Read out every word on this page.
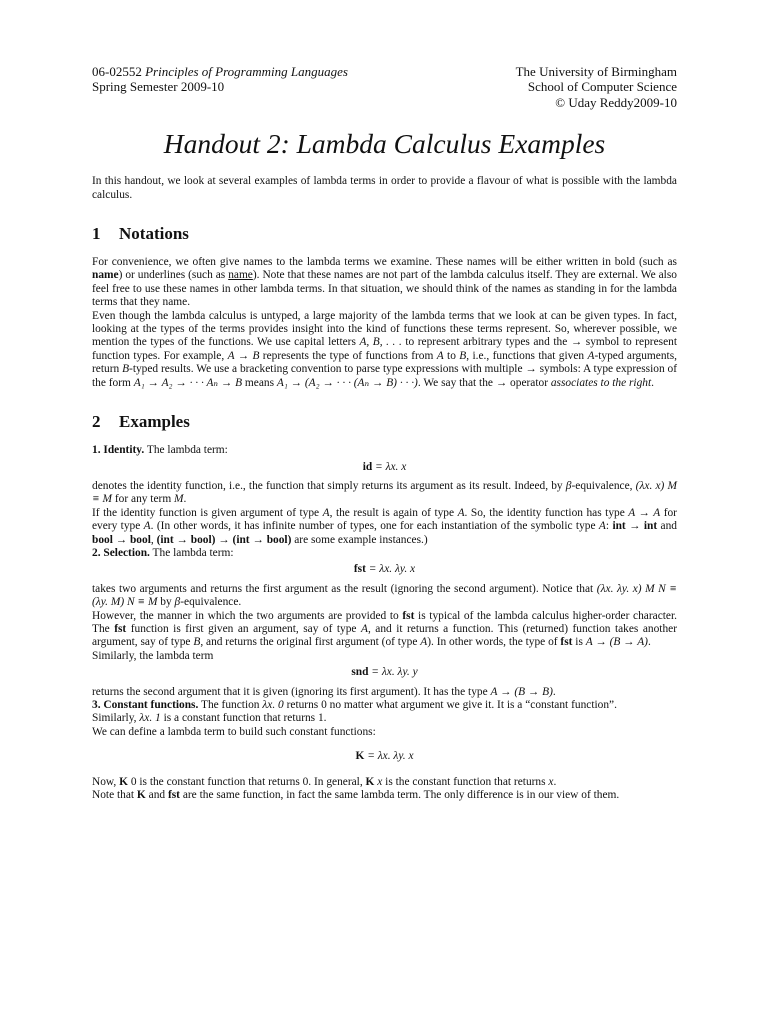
06-02552 Principles of Programming Languages
Spring Semester 2009-10
The University of Birmingham
School of Computer Science
© Uday Reddy2009-10
Handout 2: Lambda Calculus Examples

In this handout, we look at several examples of lambda terms in order to provide a flavour of what is possible with the lambda calculus.

1 Notations

For convenience, we often give names to the lambda terms we examine. These names will be either written in bold (such as name) or underlines (such as name). Note that these names are not part of the lambda calculus itself. They are external. We also feel free to use these names in other lambda terms. In that situation, we should think of the names as standing in for the lambda terms that they name.

Even though the lambda calculus is untyped, a large majority of the lambda terms that we look at can be given types. In fact, looking at the types of the terms provides insight into the kind of functions these terms represent. So, wherever possible, we mention the types of the functions. We use capital letters A, B, . . . to represent arbitrary types and the → symbol to represent function types. For example, A → B represents the type of functions from A to B, i.e., functions that given A-typed arguments, return B-typed results. We use a bracketing convention to parse type expressions with multiple → symbols: A type expression of the form A₁ → A₂ → · · · Aₙ → B means A₁ → (A₂ → · · · (Aₙ → B) · · ·). We say that the → operator associates to the right.

2 Examples

1. Identity. The lambda term:

id = λx. x

denotes the identity function, i.e., the function that simply returns its argument as its result. Indeed, by β-equivalence, (λx. x) M ≡ M for any term M.

If the identity function is given argument of type A, the result is again of type A. So, the identity function has type A → A for every type A. (In other words, it has infinite number of types, one for each instantiation of the symbolic type A: int → int and bool → bool, (int → bool) → (int → bool) are some example instances.)

2. Selection. The lambda term:

fst = λx. λy. x

takes two arguments and returns the first argument as the result (ignoring the second argument). Notice that (λx. λy. x) M N ≡ (λy. M) N ≡ M by β-equivalence.

However, the manner in which the two arguments are provided to fst is typical of the lambda calculus higher-order character. The fst function is first given an argument, say of type A, and it returns a function. This (returned) function takes another argument, say of type B, and returns the original first argument (of type A). In other words, the type of fst is A → (B → A).

Similarly, the lambda term

snd = λx. λy. y

returns the second argument that it is given (ignoring its first argument). It has the type A → (B → B).

3. Constant functions. The function λx. 0 returns 0 no matter what argument we give it. It is a “constant function”.

Similarly, λx. 1 is a constant function that returns 1.

We can define a lambda term to build such constant functions:

K = λx. λy. x

Now, K 0 is the constant function that returns 0. In general, K x is the constant function that returns x.

Note that K and fst are the same function, in fact the same lambda term. The only difference is in our view of them.
